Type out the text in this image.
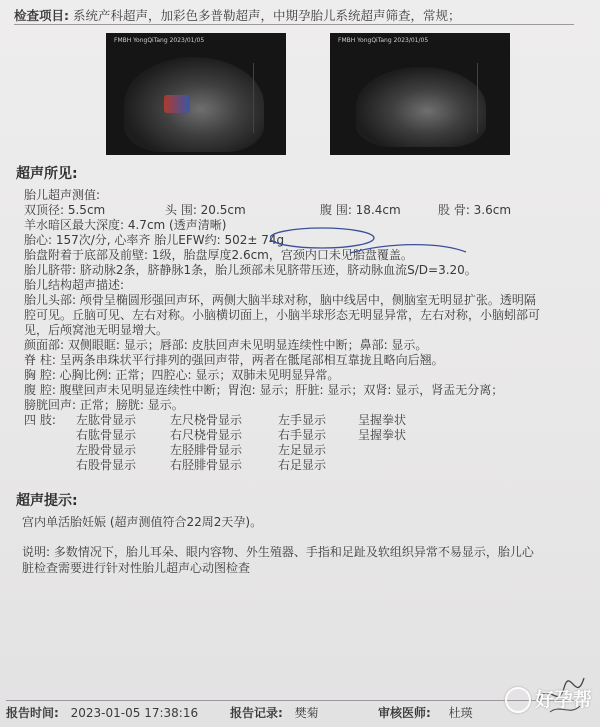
检查项目: 系统产科超声，加彩色多普勒超声，中期孕胎儿系统超声筛查，常规；
FMBH YongQiTang 2023/01/05	FMBH YongQiTang 2023/01/05
超声所见:
胎儿超声测值:
双顶径: 5.5cm	头 围: 20.5cm	腹 围: 18.4cm	股 骨: 3.6cm
羊水暗区最大深度: 4.7cm (透声清晰)
胎心: 157次/分, 心率齐 胎儿EFW约: 502± 74g
胎盘附着于底部及前壁: 1级，胎盘厚度2.6cm，宫颈内口未见胎盘覆盖。
胎儿脐带: 脐动脉2条，脐静脉1条，胎儿颈部未见脐带压迹，脐动脉血流S/D=3.20。
胎儿结构超声描述:
胎儿头部: 颅骨呈椭圆形强回声环，两侧大脑半球对称，脑中线居中，侧脑室无明显扩张。透明隔
腔可见。丘脑可见、左右对称。小脑横切面上，小脑半球形态无明显异常，左右对称，小脑蚓部可
见，后颅窝池无明显增大。
颜面部: 双侧眼眶: 显示；唇部: 皮肤回声未见明显连续性中断；鼻部: 显示。
脊 柱: 呈两条串珠状平行排列的强回声带，两者在骶尾部相互靠拢且略向后翘。
胸 腔: 心胸比例: 正常；四腔心: 显示；双肺未见明显异常。
腹 腔: 腹壁回声未见明显连续性中断；胃泡: 显示；肝脏: 显示；双肾: 显示，肾盂无分离；
膀胱回声: 正常；膀胱: 显示。
四 肢: 左肱骨显示	左尺桡骨显示	左手显示	呈握拳状
右肱骨显示	右尺桡骨显示	右手显示	呈握拳状
左股骨显示	左胫腓骨显示	左足显示
右股骨显示	右胫腓骨显示	右足显示
超声提示:
宫内单活胎妊娠 (超声测值符合22周2天孕)。
说明: 多数情况下，胎儿耳朵、眼内容物、外生殖器、手指和足趾及软组织异常不易显示，胎儿心
脏检查需要进行针对性胎儿超声心动图检查
报告时间: 2023-01-05 17:38:16	报告记录: 樊菊	审核医师: 杜瑛
好孕帮
